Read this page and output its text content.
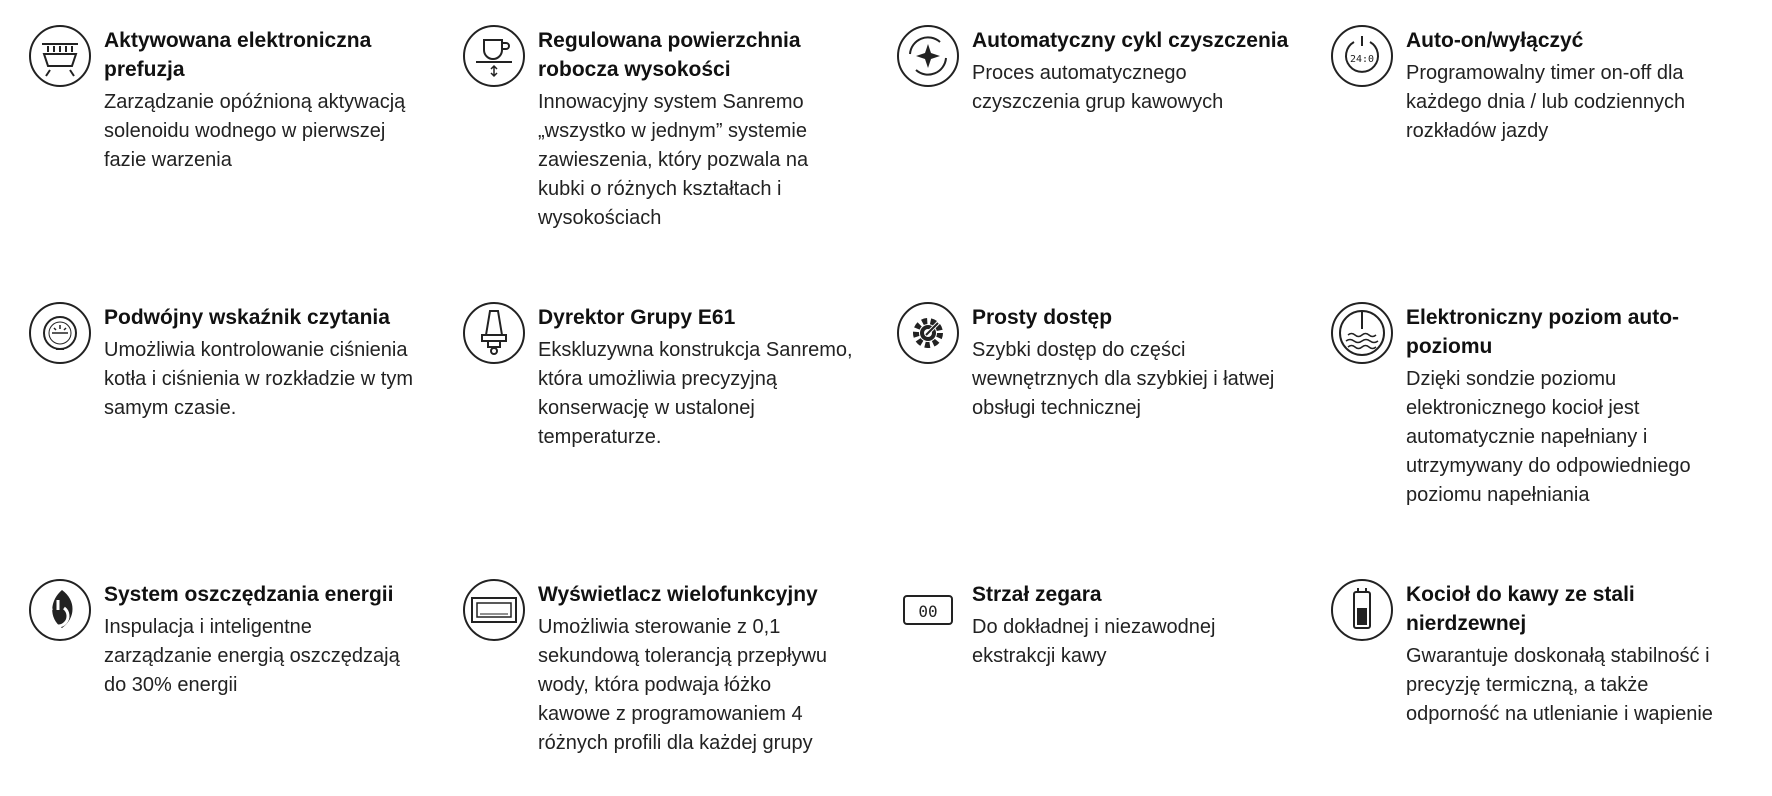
Aktywowana elektroniczna
prefuzja

Zarządzanie opóźnioną aktywacją
solenoidu wodnego w pierwszej
fazie warzenia

Regulowana powierzchnia
robocza wysokości

Innowacyjny system Sanremo
„wszystko w jednym” systemie
zawieszenia, który pozwala na
kubki o różnych kształtach i
wysokościach

Automatyczny cykl czyszczenia

Proces automatycznego
czyszczenia grup kawowych

24:0
Auto-on/wyłączyć

Programowalny timer on-off dla
każdego dnia / lub codziennych
rozkładów jazdy

Podwójny wskaźnik czytania

Umożliwia kontrolowanie ciśnienia
kotła i ciśnienia w rozkładzie w tym
samym czasie.

Dyrektor Grupy E61

Ekskluzywna konstrukcja Sanremo,
która umożliwia precyzyjną
konserwację w ustalonej
temperaturze.

Prosty dostęp

Szybki dostęp do części
wewnętrznych dla szybkiej i łatwej
obsługi technicznej

Elektroniczny poziom auto-
poziomu

Dzięki sondzie poziomu
elektronicznego kocioł jest
automatycznie napełniany i
utrzymywany do odpowiedniego
poziomu napełniania

System oszczędzania energii

Inspulacja i inteligentne
zarządzanie energią oszczędzają
do 30% energii

Wyświetlacz wielofunkcyjny

Umożliwia sterowanie z 0,1
sekundową tolerancją przepływu
wody, która podwaja łóżko
kawowe z programowaniem 4
różnych profili dla każdej grupy

00
Strzał zegara

Do dokładnej i niezawodnej
ekstrakcji kawy

Kocioł do kawy ze stali
nierdzewnej

Gwarantuje doskonałą stabilność i
precyzję termiczną, a także
odporność na utlenianie i wapienie
